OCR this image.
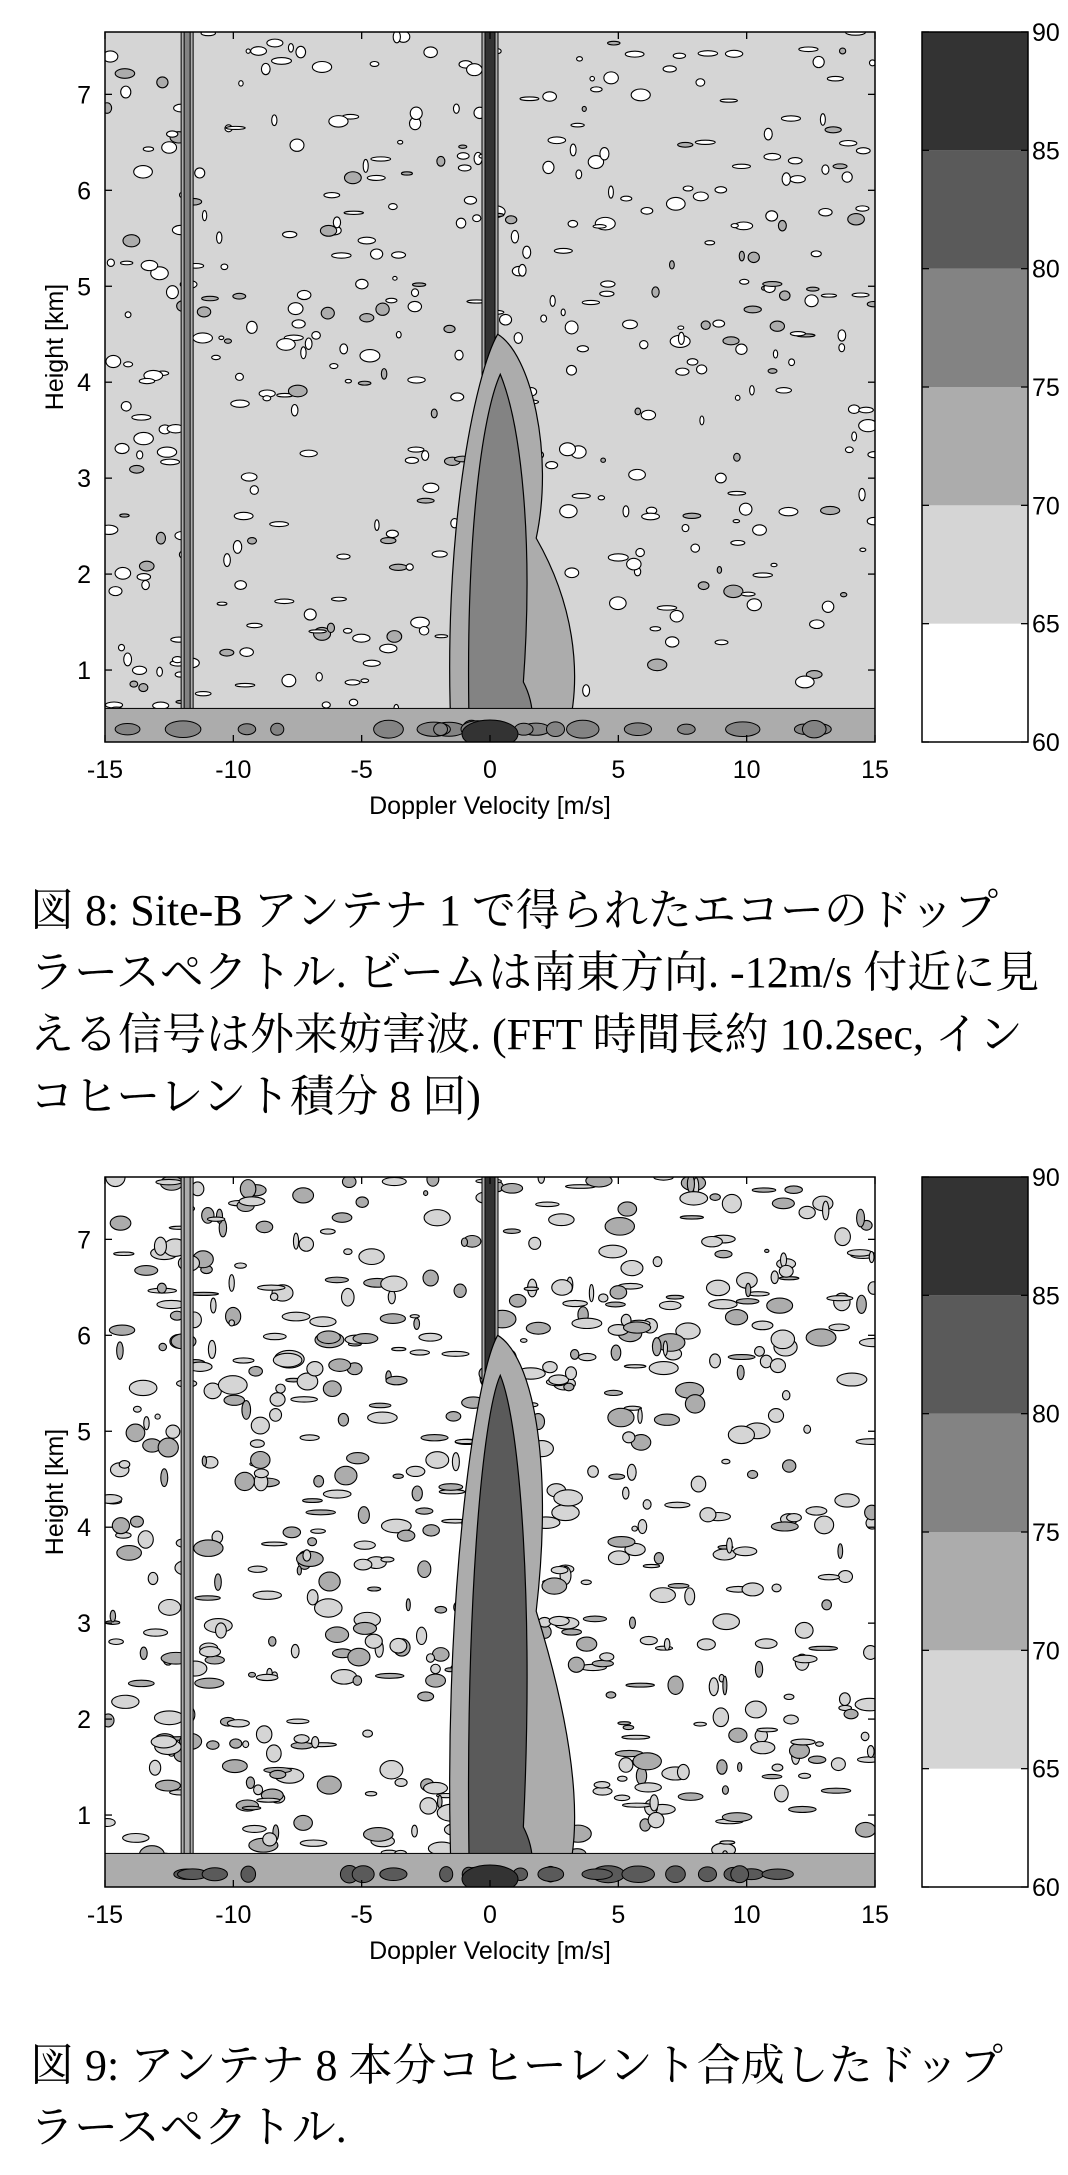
-15	-10	-5	0	5	10	15
1
2
3
4
5
6
7
Doppler Velocity [m/s]
Height [km]
60
65
70
75
80
85
90
図 8: Site-B アンテナ 1 で得られたエコーのドップラースペクトル. ビームは南東方向. -12m/s 付近に見える信号は外来妨害波. (FFT 時間長約 10.2sec, インコヒーレント積分 8 回)
-15	-10	-5	0	5	10	15
1
2
3
4
5
6
7
Doppler Velocity [m/s]
Height [km]
60
65
70
75
80
85
90
図 9: アンテナ 8 本分コヒーレント合成したドップラースペクトル.
